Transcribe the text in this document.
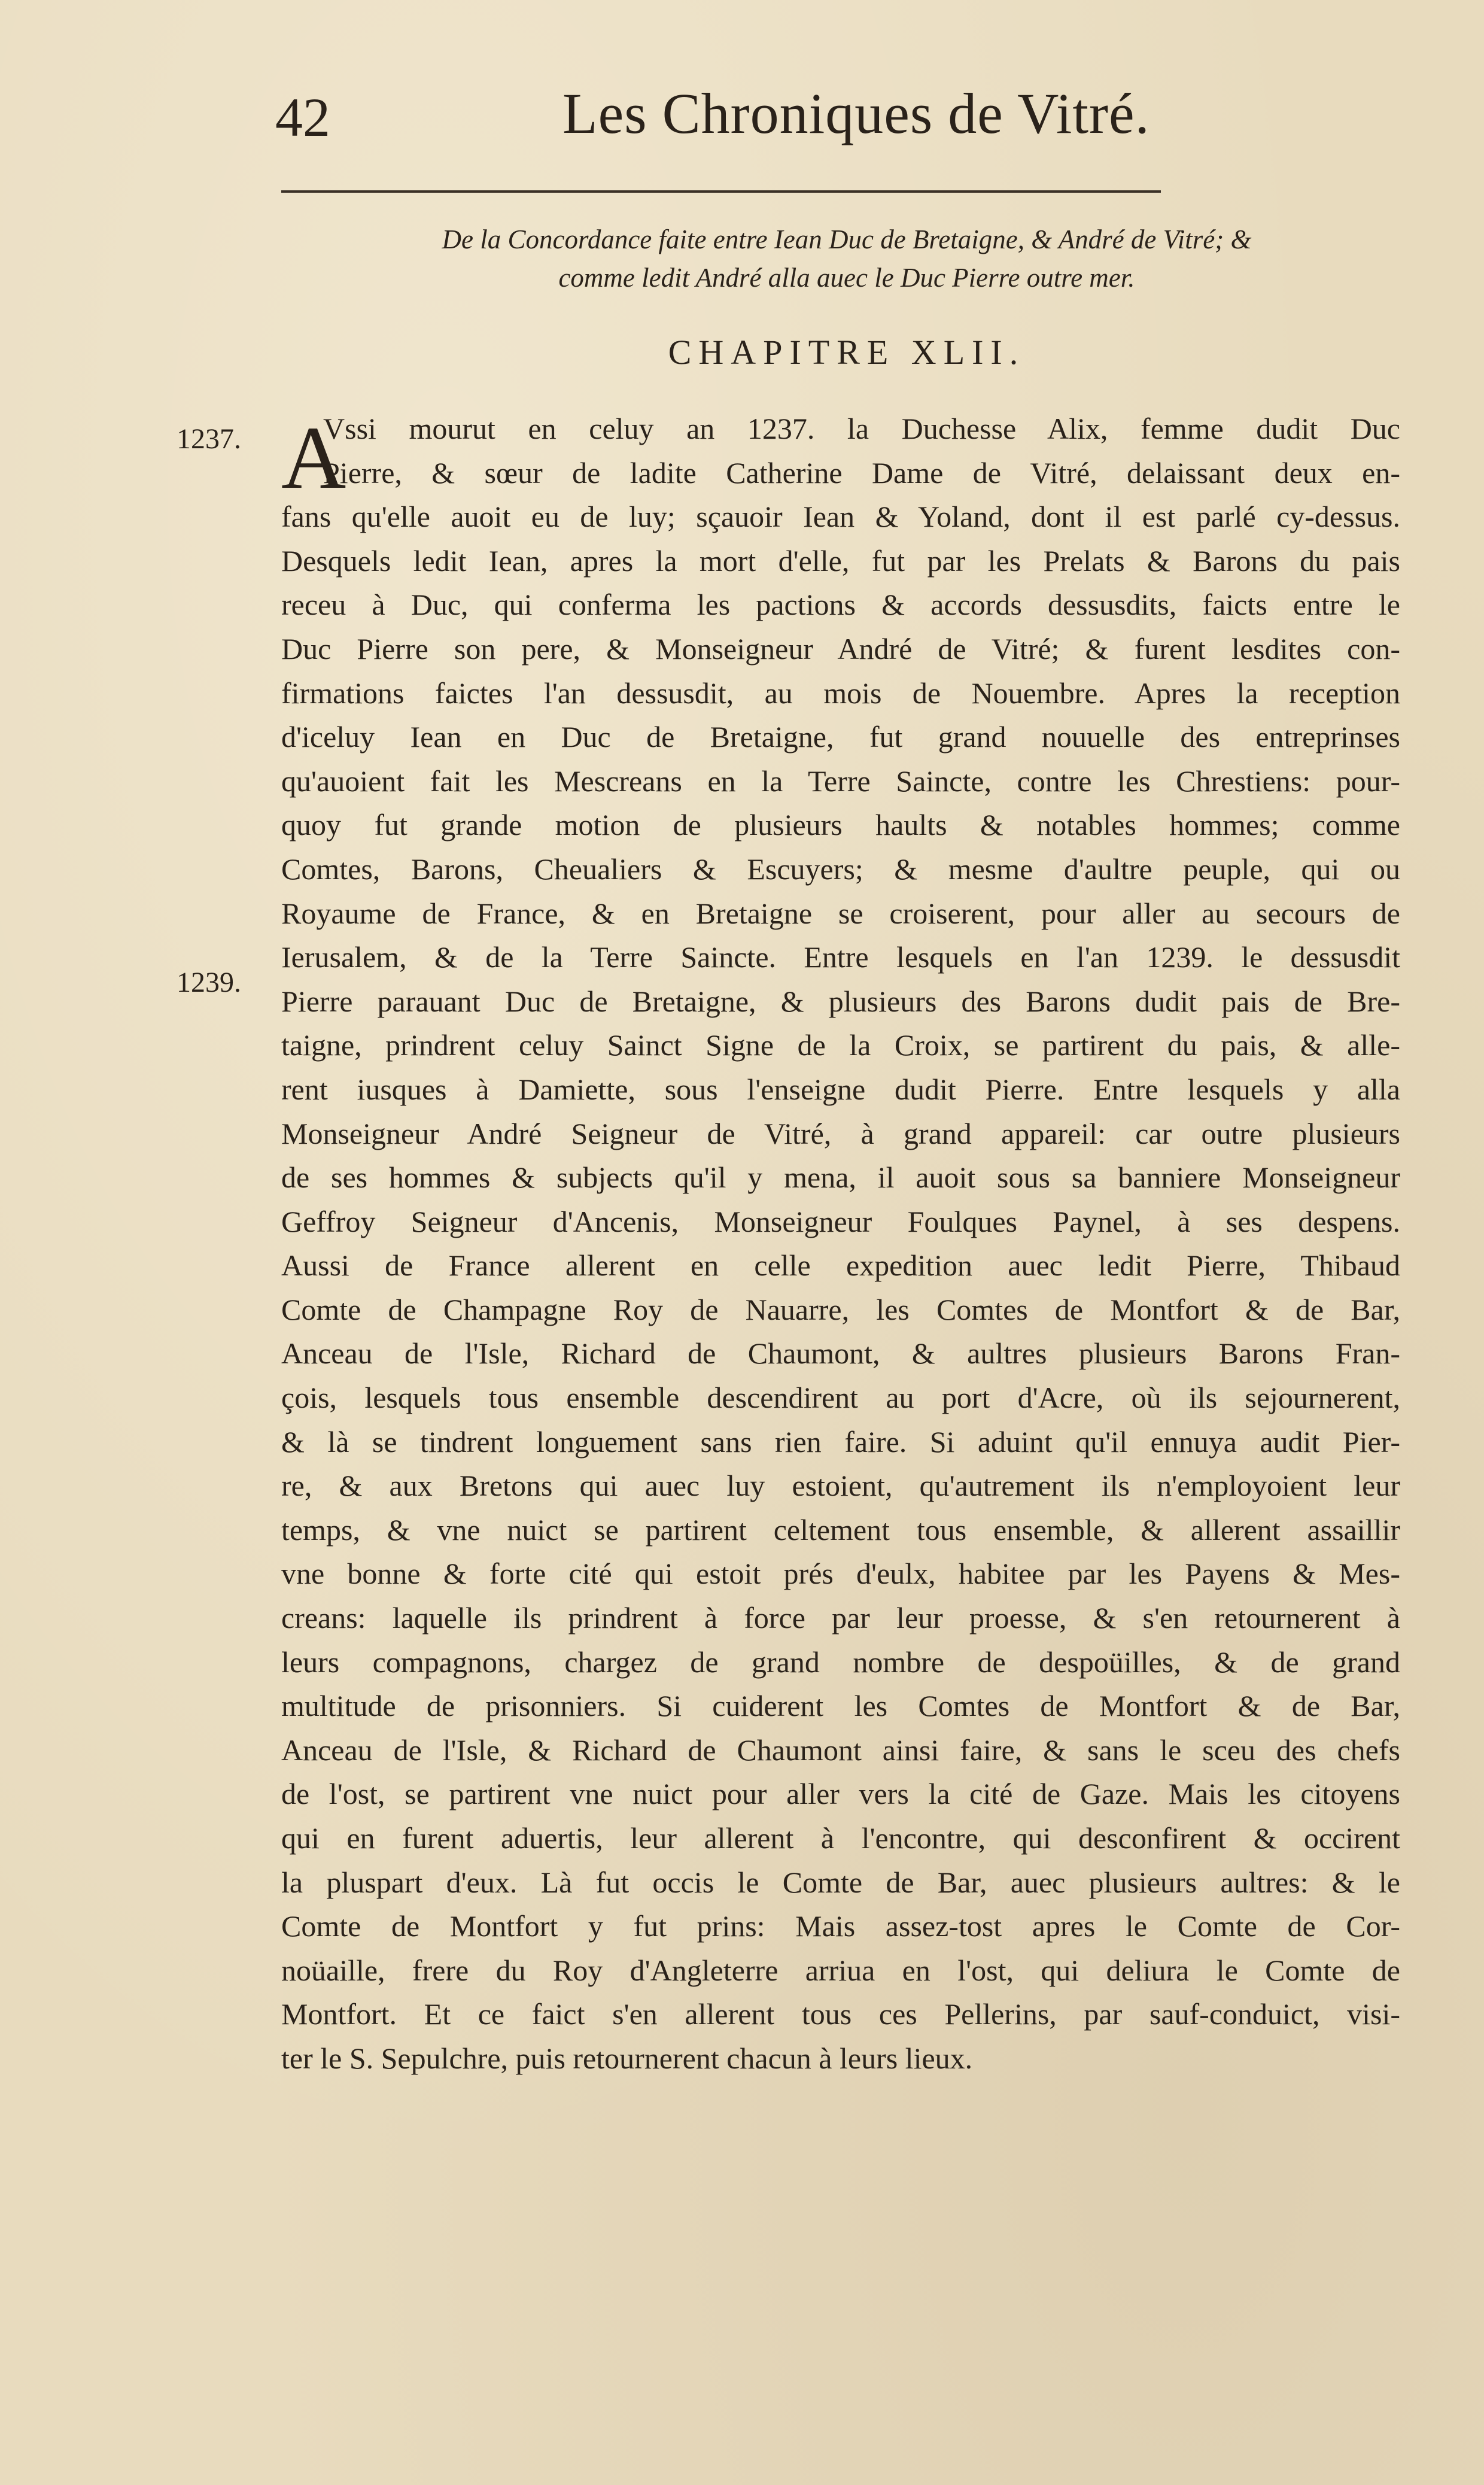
42	Les Chroniques de Vitré.
De la Concordance faite entre Iean Duc de Bretaigne, & André de Vitré; &
comme ledit André alla auec le Duc Pierre outre mer.
CHAPITRE XLII.
1237.
1239.
A
Vssi mourut en celuy an 1237. la Duchesse Alix, femme dudit Duc
Pierre, & sœur de ladite Catherine Dame de Vitré, delaissant deux en-
fans qu'elle auoit eu de luy; sçauoir Iean & Yoland, dont il est parlé cy-dessus.
Desquels ledit Iean, apres la mort d'elle, fut par les Prelats & Barons du pais
receu à Duc, qui conferma les pactions & accords dessusdits, faicts entre le
Duc Pierre son pere, & Monseigneur André de Vitré; & furent lesdites con-
firmations faictes l'an dessusdit, au mois de Nouembre. Apres la reception
d'iceluy Iean en Duc de Bretaigne, fut grand nouuelle des entreprinses
qu'auoient fait les Mescreans en la Terre Saincte, contre les Chrestiens: pour-
quoy fut grande motion de plusieurs haults & notables hommes; comme
Comtes, Barons, Cheualiers & Escuyers; & mesme d'aultre peuple, qui ou
Royaume de France, & en Bretaigne se croiserent, pour aller au secours de
Ierusalem, & de la Terre Saincte. Entre lesquels en l'an 1239. le dessusdit
Pierre parauant Duc de Bretaigne, & plusieurs des Barons dudit pais de Bre-
taigne, prindrent celuy Sainct Signe de la Croix, se partirent du pais, & alle-
rent iusques à Damiette, sous l'enseigne dudit Pierre. Entre lesquels y alla
Monseigneur André Seigneur de Vitré, à grand appareil: car outre plusieurs
de ses hommes & subjects qu'il y mena, il auoit sous sa banniere Monseigneur
Geffroy Seigneur d'Ancenis, Monseigneur Foulques Paynel, à ses despens.
Aussi de France allerent en celle expedition auec ledit Pierre, Thibaud
Comte de Champagne Roy de Nauarre, les Comtes de Montfort & de Bar,
Anceau de l'Isle, Richard de Chaumont, & aultres plusieurs Barons Fran-
çois, lesquels tous ensemble descendirent au port d'Acre, où ils sejournerent,
& là se tindrent longuement sans rien faire. Si aduint qu'il ennuya audit Pier-
re, & aux Bretons qui auec luy estoient, qu'autrement ils n'employoient leur
temps, & vne nuict se partirent celtement tous ensemble, & allerent assaillir
vne bonne & forte cité qui estoit prés d'eulx, habitee par les Payens & Mes-
creans: laquelle ils prindrent à force par leur proesse, & s'en retournerent à
leurs compagnons, chargez de grand nombre de despoüilles, & de grand
multitude de prisonniers. Si cuiderent les Comtes de Montfort & de Bar,
Anceau de l'Isle, & Richard de Chaumont ainsi faire, & sans le sceu des chefs
de l'ost, se partirent vne nuict pour aller vers la cité de Gaze. Mais les citoyens
qui en furent aduertis, leur allerent à l'encontre, qui desconfirent & occirent
la pluspart d'eux. Là fut occis le Comte de Bar, auec plusieurs aultres: & le
Comte de Montfort y fut prins: Mais assez-tost apres le Comte de Cor-
noüaille, frere du Roy d'Angleterre arriua en l'ost, qui deliura le Comte de
Montfort. Et ce faict s'en allerent tous ces Pellerins, par sauf-conduict, visi-
ter le S. Sepulchre, puis retournerent chacun à leurs lieux.
